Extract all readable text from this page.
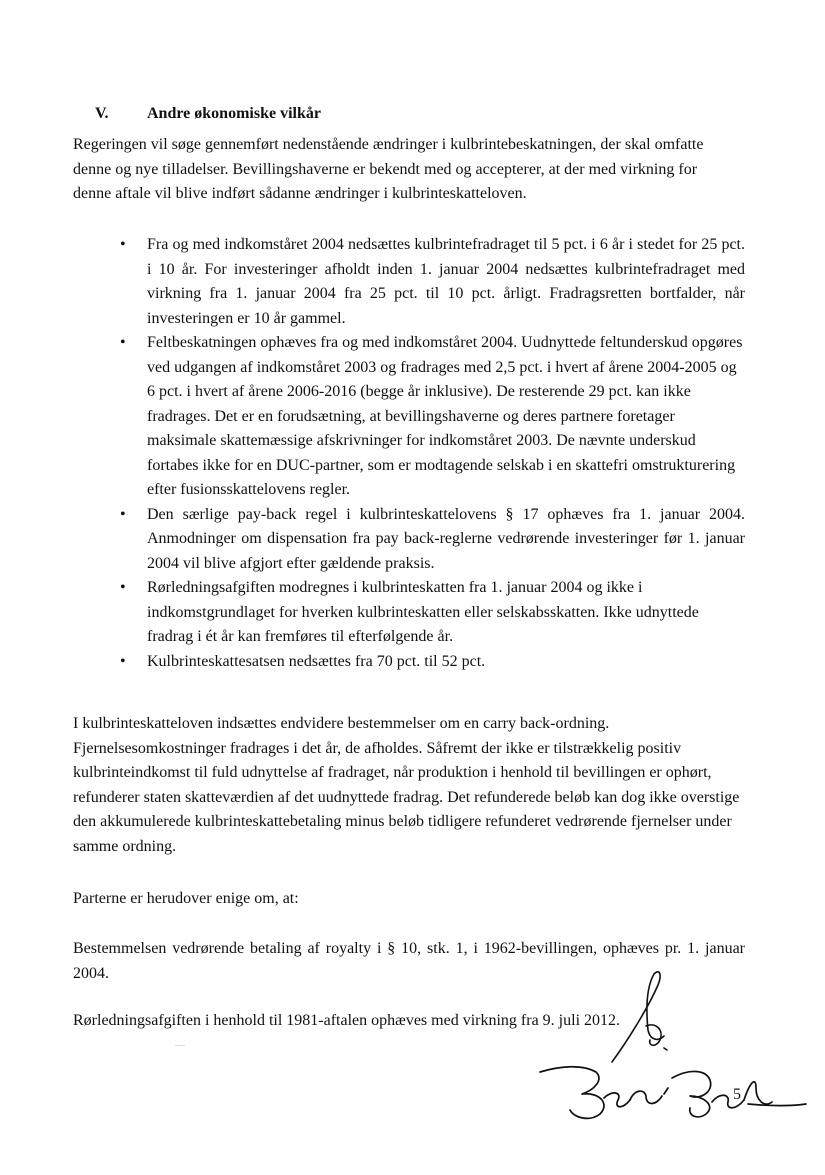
V. Andre økonomiske vilkår
Regeringen vil søge gennemført nedenstående ændringer i kulbrintebeskatningen, der skal omfatte denne og nye tilladelser. Bevillingshaverne er bekendt med og accepterer, at der med virkning for denne aftale vil blive indført sådanne ændringer i kulbrinteskatteloven.
• Fra og med indkomståret 2004 nedsættes kulbrintefradraget til 5 pct. i 6 år i stedet for 25 pct. i 10 år. For investeringer afholdt inden 1. januar 2004 nedsættes kulbrintefradraget med virkning fra 1. januar 2004 fra 25 pct. til 10 pct. årligt. Fradragsretten bortfalder, når investeringen er 10 år gammel.
• Feltbeskatningen ophæves fra og med indkomståret 2004. Uudnyttede feltunderskud opgøres ved udgangen af indkomståret 2003 og fradrages med 2,5 pct. i hvert af årene 2004-2005 og 6 pct. i hvert af årene 2006-2016 (begge år inklusive). De resterende 29 pct. kan ikke fradrages. Det er en forudsætning, at bevillingshaverne og deres partnere foretager maksimale skattemæssige afskrivninger for indkomståret 2003. De nævnte underskud fortabes ikke for en DUC-partner, som er modtagende selskab i en skattefri omstrukturering efter fusionsskattelovens regler.
• Den særlige pay-back regel i kulbrinteskattelovens § 17 ophæves fra 1. januar 2004. Anmodninger om dispensation fra pay back-reglerne vedrørende investeringer før 1. januar 2004 vil blive afgjort efter gældende praksis.
• Rørledningsafgiften modregnes i kulbrinteskatten fra 1. januar 2004 og ikke i indkomstgrundlaget for hverken kulbrinteskatten eller selskabsskatten. Ikke udnyttede fradrag i ét år kan fremføres til efterfølgende år.
• Kulbrinteskattesatsen nedsættes fra 70 pct. til 52 pct.
I kulbrinteskatteloven indsættes endvidere bestemmelser om en carry back-ordning. Fjernelsesomkostninger fradrages i det år, de afholdes. Såfremt der ikke er tilstrækkelig positiv kulbrinteindkomst til fuld udnyttelse af fradraget, når produktion i henhold til bevillingen er ophørt, refunderer staten skatteværdien af det uudnyttede fradrag. Det refunderede beløb kan dog ikke overstige den akkumulerede kulbrinteskattebetaling minus beløb tidligere refunderet vedrørende fjernelser under samme ordning.
Parterne er herudover enige om, at:
Bestemmelsen vedrørende betaling af royalty i § 10, stk. 1, i 1962-bevillingen, ophæves pr. 1. januar 2004.
Rørledningsafgiften i henhold til 1981-aftalen ophæves med virkning fra 9. juli 2012.
5
